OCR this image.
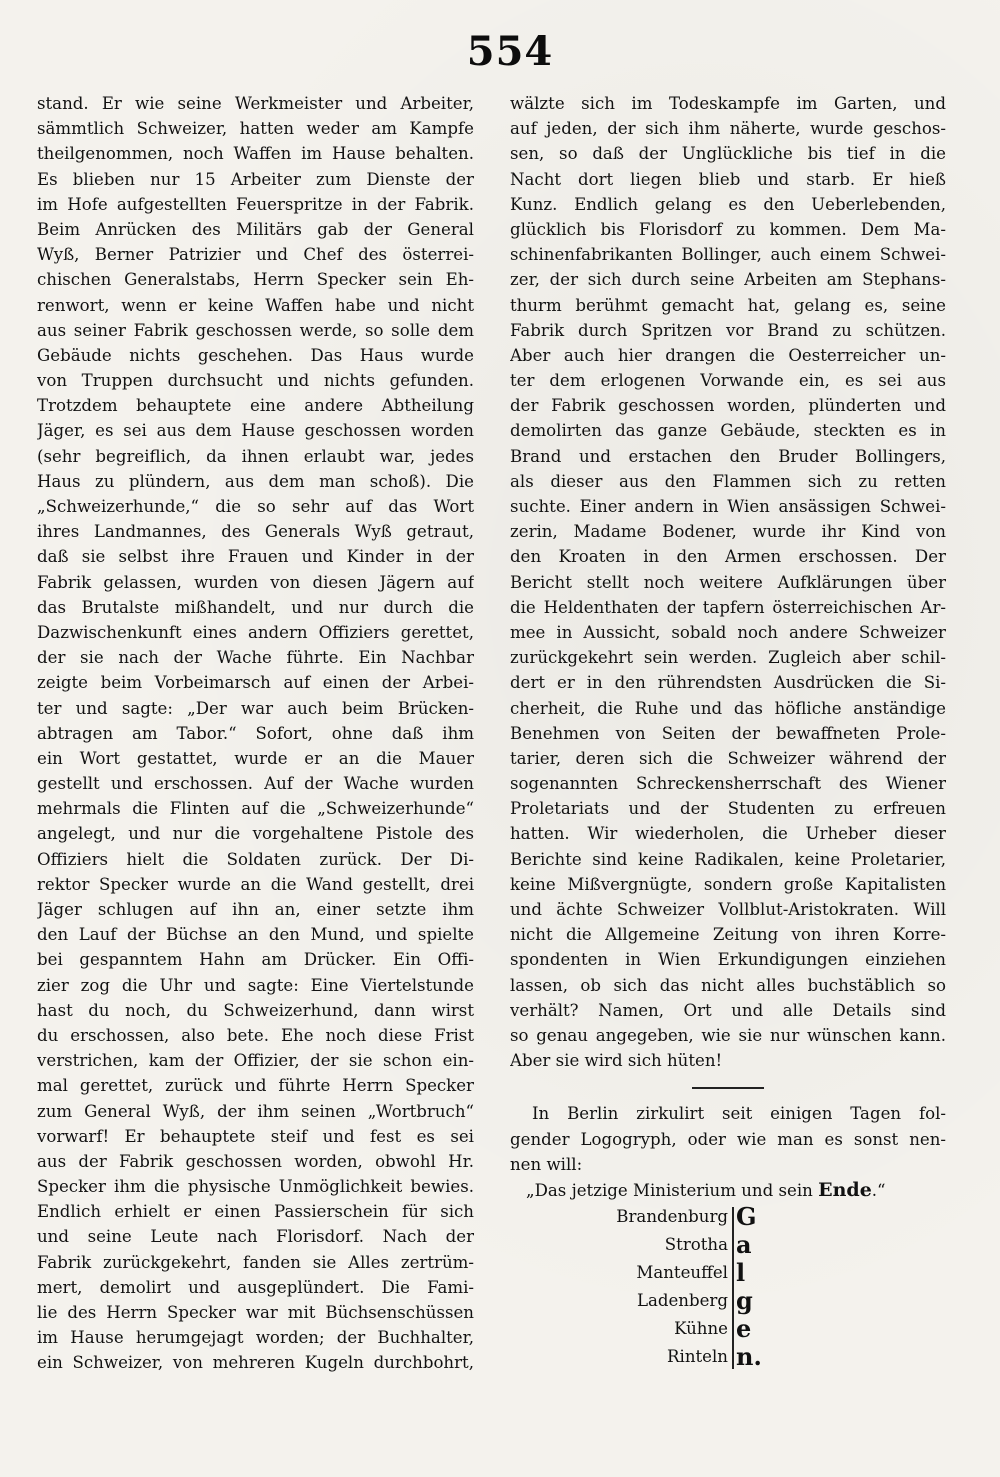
554
stand. Er wie seine Werkmeister und Arbeiter,
sämmtlich Schweizer, hatten weder am Kampfe
theilgenommen, noch Waffen im Hause behalten.
Es blieben nur 15 Arbeiter zum Dienste der
im Hofe aufgestellten Feuerspritze in der Fabrik.
Beim Anrücken des Militärs gab der General
Wyß, Berner Patrizier und Chef des österrei-
chischen Generalstabs, Herrn Specker sein Eh-
renwort, wenn er keine Waffen habe und nicht
aus seiner Fabrik geschossen werde, so solle dem
Gebäude nichts geschehen. Das Haus wurde
von Truppen durchsucht und nichts gefunden.
Trotzdem behauptete eine andere Abtheilung
Jäger, es sei aus dem Hause geschossen worden
(sehr begreiflich, da ihnen erlaubt war, jedes
Haus zu plündern, aus dem man schoß). Die
„Schweizerhunde,“ die so sehr auf das Wort
ihres Landmannes, des Generals Wyß getraut,
daß sie selbst ihre Frauen und Kinder in der
Fabrik gelassen, wurden von diesen Jägern auf
das Brutalste mißhandelt, und nur durch die
Dazwischenkunft eines andern Offiziers gerettet,
der sie nach der Wache führte. Ein Nachbar
zeigte beim Vorbeimarsch auf einen der Arbei-
ter und sagte: „Der war auch beim Brücken-
abtragen am Tabor.“ Sofort, ohne daß ihm
ein Wort gestattet, wurde er an die Mauer
gestellt und erschossen. Auf der Wache wurden
mehrmals die Flinten auf die „Schweizerhunde“
angelegt, und nur die vorgehaltene Pistole des
Offiziers hielt die Soldaten zurück. Der Di-
rektor Specker wurde an die Wand gestellt, drei
Jäger schlugen auf ihn an, einer setzte ihm
den Lauf der Büchse an den Mund, und spielte
bei gespanntem Hahn am Drücker. Ein Offi-
zier zog die Uhr und sagte: Eine Viertelstunde
hast du noch, du Schweizerhund, dann wirst
du erschossen, also bete. Ehe noch diese Frist
verstrichen, kam der Offizier, der sie schon ein-
mal gerettet, zurück und führte Herrn Specker
zum General Wyß, der ihm seinen „Wortbruch“
vorwarf! Er behauptete steif und fest es sei
aus der Fabrik geschossen worden, obwohl Hr.
Specker ihm die physische Unmöglichkeit bewies.
Endlich erhielt er einen Passierschein für sich
und seine Leute nach Florisdorf. Nach der
Fabrik zurückgekehrt, fanden sie Alles zertrüm-
mert, demolirt und ausgeplündert. Die Fami-
lie des Herrn Specker war mit Büchsenschüssen
im Hause herumgejagt worden; der Buchhalter,
ein Schweizer, von mehreren Kugeln durchbohrt,
wälzte sich im Todeskampfe im Garten, und
auf jeden, der sich ihm näherte, wurde geschos-
sen, so daß der Unglückliche bis tief in die
Nacht dort liegen blieb und starb. Er hieß
Kunz. Endlich gelang es den Ueberlebenden,
glücklich bis Florisdorf zu kommen. Dem Ma-
schinenfabrikanten Bollinger, auch einem Schwei-
zer, der sich durch seine Arbeiten am Stephans-
thurm berühmt gemacht hat, gelang es, seine
Fabrik durch Spritzen vor Brand zu schützen.
Aber auch hier drangen die Oesterreicher un-
ter dem erlogenen Vorwande ein, es sei aus
der Fabrik geschossen worden, plünderten und
demolirten das ganze Gebäude, steckten es in
Brand und erstachen den Bruder Bollingers,
als dieser aus den Flammen sich zu retten
suchte. Einer andern in Wien ansässigen Schwei-
zerin, Madame Bodener, wurde ihr Kind von
den Kroaten in den Armen erschossen. Der
Bericht stellt noch weitere Aufklärungen über
die Heldenthaten der tapfern österreichischen Ar-
mee in Aussicht, sobald noch andere Schweizer
zurückgekehrt sein werden. Zugleich aber schil-
dert er in den rührendsten Ausdrücken die Si-
cherheit, die Ruhe und das höfliche anständige
Benehmen von Seiten der bewaffneten Prole-
tarier, deren sich die Schweizer während der
sogenannten Schreckensherrschaft des Wiener
Proletariats und der Studenten zu erfreuen
hatten. Wir wiederholen, die Urheber dieser
Berichte sind keine Radikalen, keine Proletarier,
keine Mißvergnügte, sondern große Kapitalisten
und ächte Schweizer Vollblut-Aristokraten. Will
nicht die Allgemeine Zeitung von ihren Korre-
spondenten in Wien Erkundigungen einziehen
lassen, ob sich das nicht alles buchstäblich so
verhält? Namen, Ort und alle Details sind
so genau angegeben, wie sie nur wünschen kann.
Aber sie wird sich hüten!
In Berlin zirkulirt seit einigen Tagen fol-
gender Logogryph, oder wie man es sonst nen-
nen will:
„Das jetzige Ministerium und sein Ende.“
Brandenburg G
Strotha a
Manteuffel l
Ladenberg g
Kühne e
Rinteln n.
